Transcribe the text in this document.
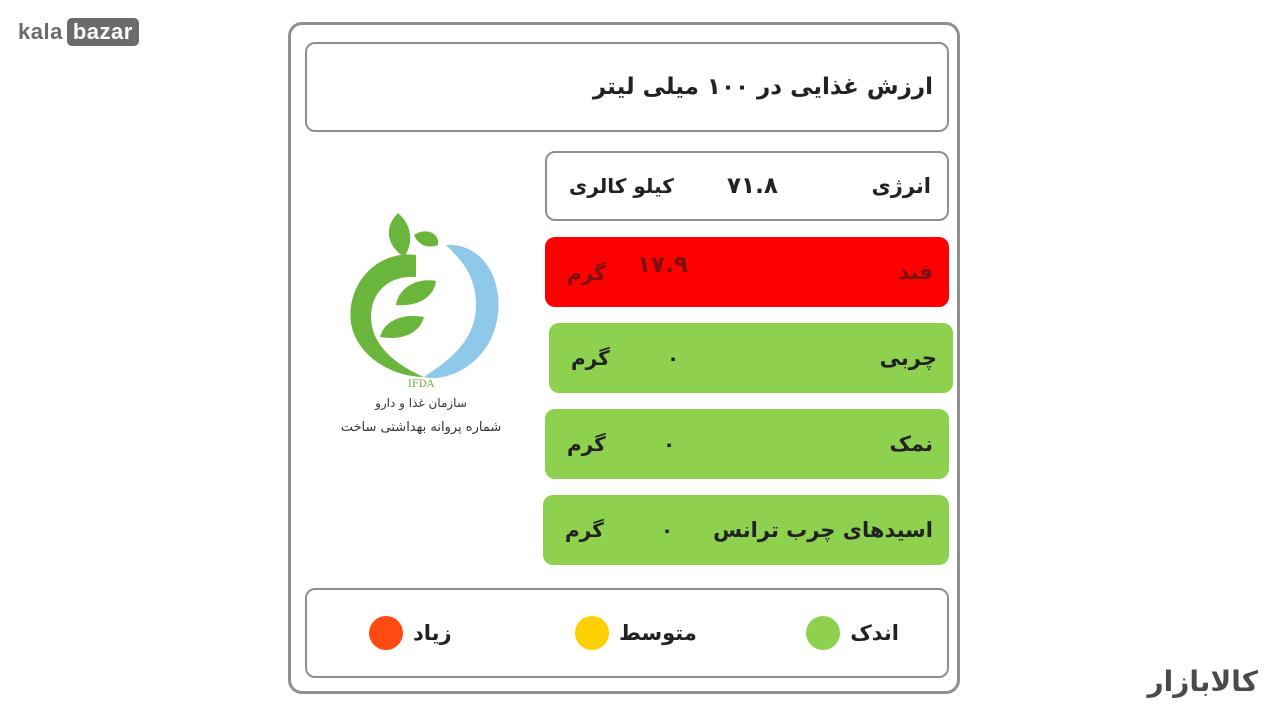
kala bazar
کالابازار
ارزش غذایی در ۱۰۰ میلی لیتر
IFDA
سازمان غذا و دارو
شماره پروانه بهداشتی ساخت
انرژی
۷۱.۸
کیلو کالری
قند
۱۷.۹
گرم
چربی
۰
گرم
نمک
۰
گرم
اسیدهای چرب ترانس
۰
گرم
اندک
متوسط
زیاد
